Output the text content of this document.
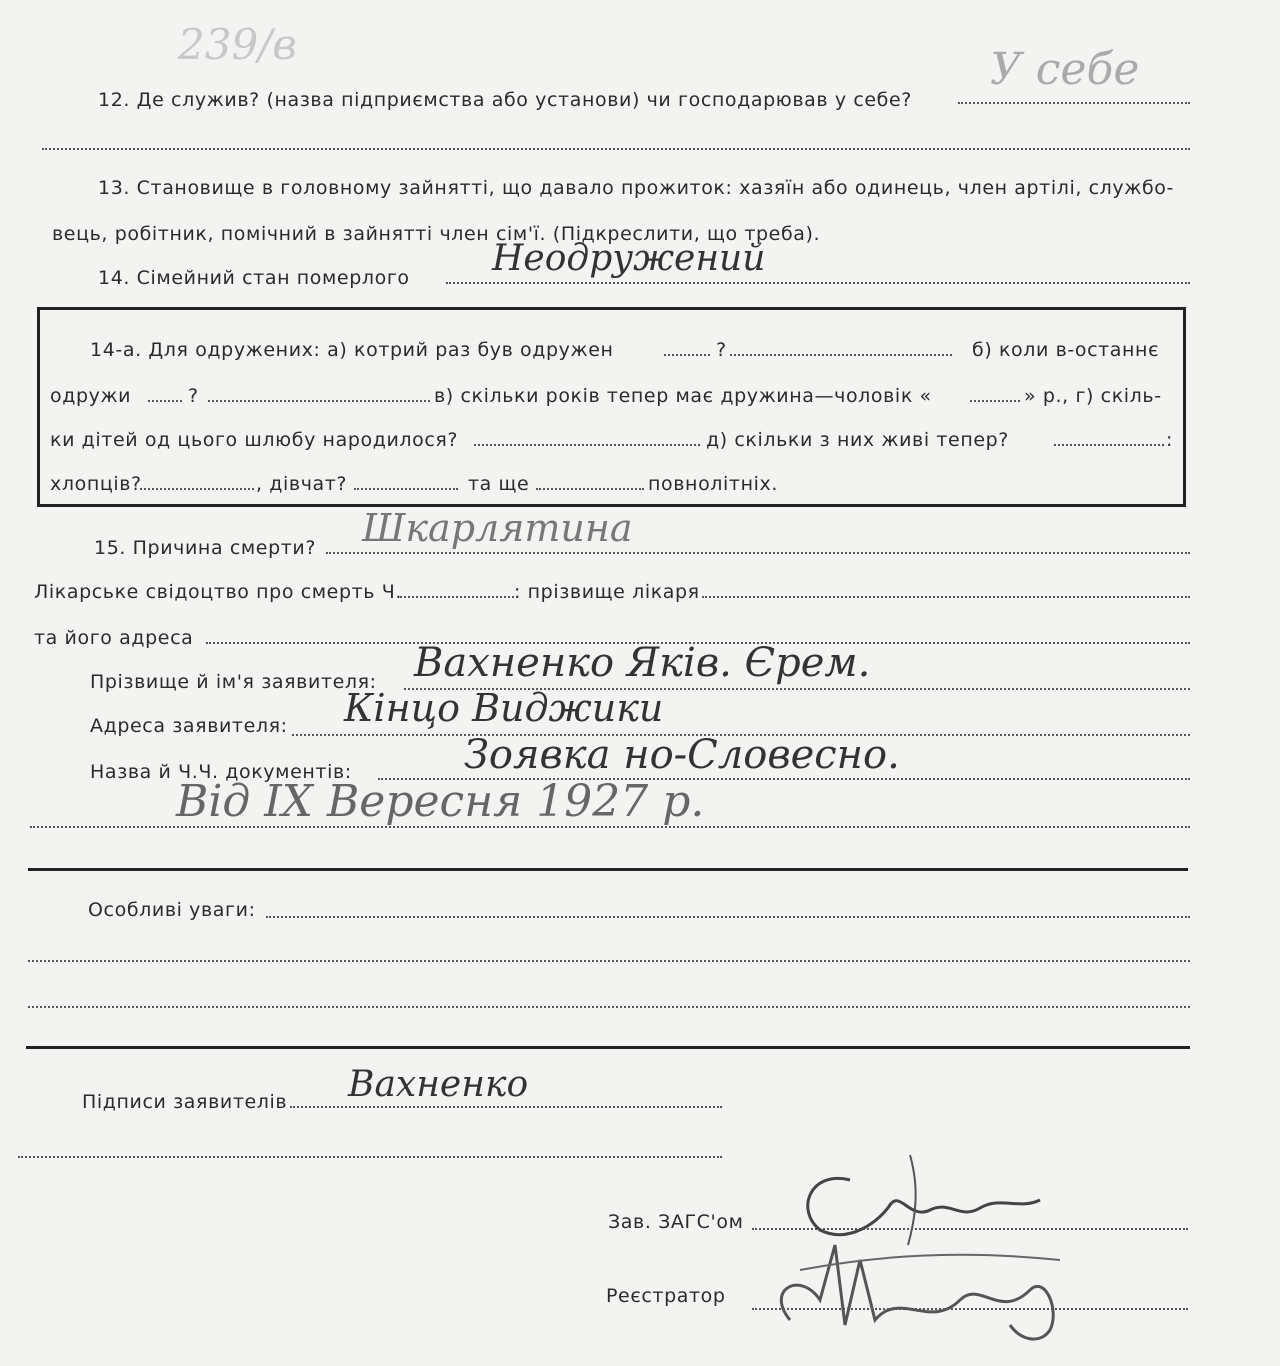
239/в
12. Де служив? (назва підприємства або установи) чи господарював у себе?
У себе
13. Становище в головному зайнятті, що давало прожиток: хазяїн або одинець, член артілі, службо-
вець, робітник, помічний в зайнятті член сім'ї. (Підкреслити, що треба).
14. Сімейний стан померлого Неодружений
14-а. Для одружених: а) котрий раз був одружен	?	б) коли в-останнє
одружи	?	в) скільки років тепер має дружина—чоловік «	» р., г) скіль-
ки дітей од цього шлюбу народилося?	д) скільки з них живі тепер?	:
хлопців?	, дівчат?	та ще	повнолітніх.
15. Причина смерти? Шкарлятина
Лікарське свідоцтво про смерть Ч.	: прізвище лікаря
та його адреса
Прізвище й ім'я заявителя: Вахненко Яків. Єрем.
Адреса заявителя: Кінцо Виджики
Назва й Ч.Ч. документів:	Зоявка но-Словесно.
Від ІХ Вересня 1927 р.
Особливі уваги:
Підписи заявителів Вахненко
Зав. ЗАГС'ом
Реєстратор
